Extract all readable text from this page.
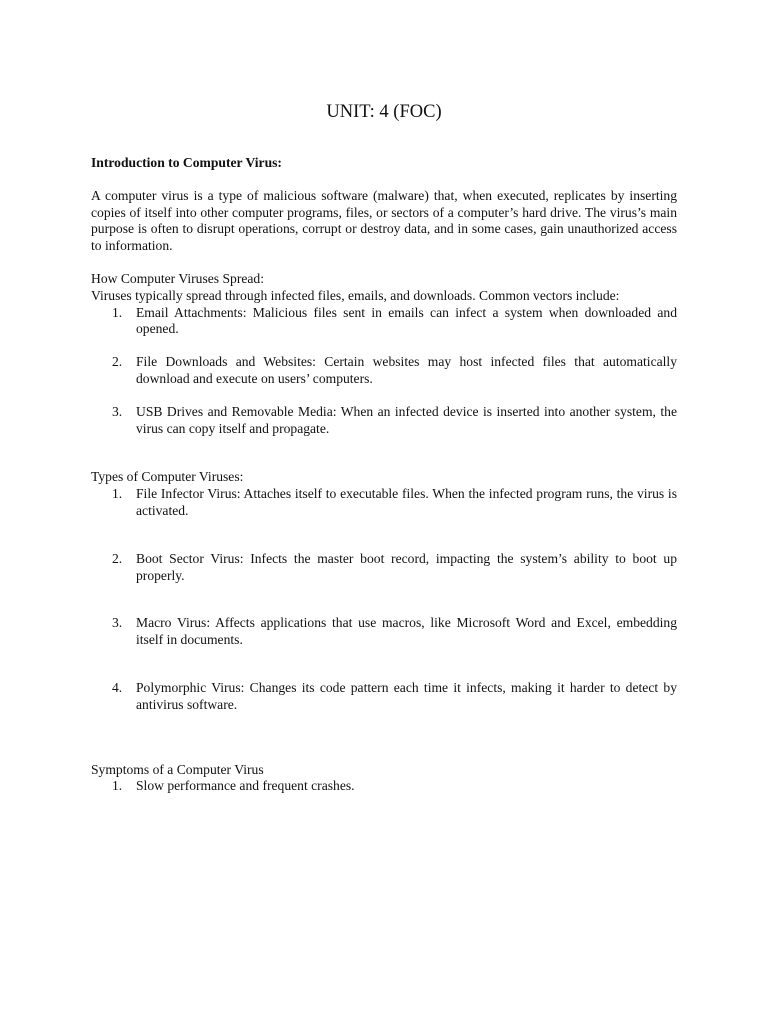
UNIT: 4 (FOC)

Introduction to Computer Virus:

A computer virus is a type of malicious software (malware) that, when executed, replicates by inserting copies of itself into other computer programs, files, or sectors of a computer’s hard drive. The virus’s main purpose is often to disrupt operations, corrupt or destroy data, and in some cases, gain unauthorized access to information.

How Computer Viruses Spread:

Viruses typically spread through infected files, emails, and downloads. Common vectors include:

1. Email Attachments: Malicious files sent in emails can infect a system when downloaded and opened.
2. File Downloads and Websites: Certain websites may host infected files that automatically download and execute on users’ computers.
3. USB Drives and Removable Media: When an infected device is inserted into another system, the virus can copy itself and propagate.

Types of Computer Viruses:

1. File Infector Virus: Attaches itself to executable files. When the infected program runs, the virus is activated.
2. Boot Sector Virus: Infects the master boot record, impacting the system’s ability to boot up properly.
3. Macro Virus: Affects applications that use macros, like Microsoft Word and Excel, embedding itself in documents.
4. Polymorphic Virus: Changes its code pattern each time it infects, making it harder to detect by antivirus software.

Symptoms of a Computer Virus

1. Slow performance and frequent crashes.
